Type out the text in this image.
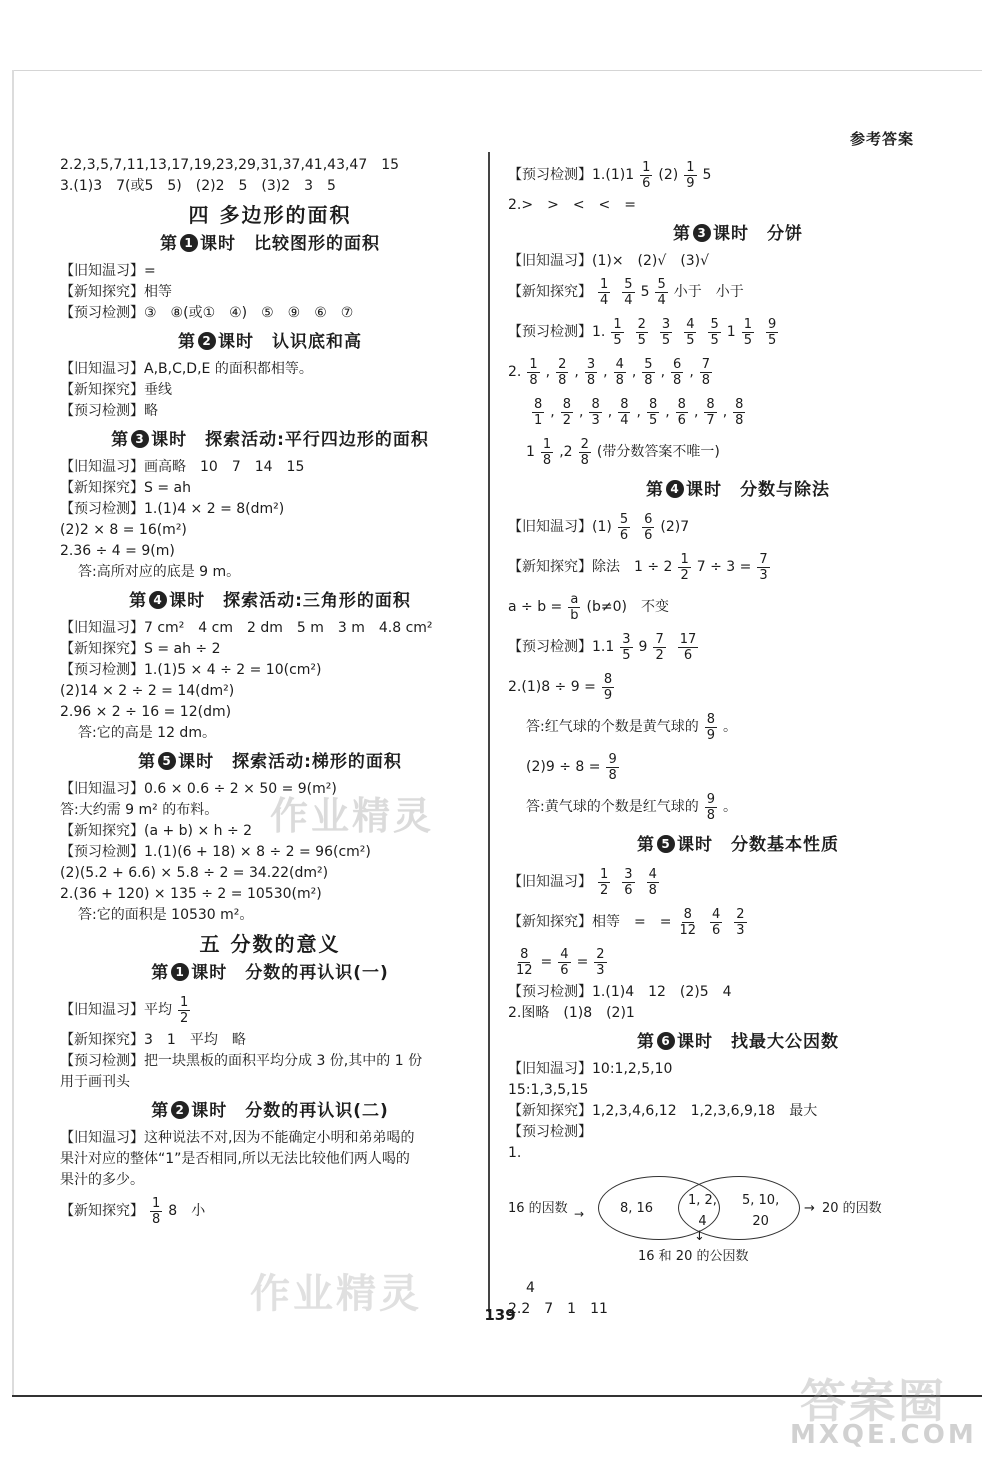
参考答案
2.2,3,5,7,11,13,17,19,23,29,31,37,41,43,47　15
3.(1)3　7(或5　5)　(2)2　5　(3)2　3　5
四 多边形的面积
第 1 课时　比较图形的面积
【旧知温习】=
【新知探究】相等
【预习检测】③　⑧(或①　④)　⑤　⑨　⑥　⑦
第 2 课时　认识底和高
【旧知温习】A,B,C,D,E 的面积都相等。
【新知探究】垂线
【预习检测】略
第 3 课时　探索活动:平行四边形的面积
【旧知温习】画高略　10　7　14　15
【新知探究】S = ah
【预习检测】1.(1)4 × 2 = 8(dm²)
(2)2 × 8 = 16(m²)
2.36 ÷ 4 = 9(m)
答:高所对应的底是 9 m。
第 4 课时　探索活动:三角形的面积
【旧知温习】7 cm²　4 cm　2 dm　5 m　3 m　4.8 cm²
【新知探究】S = ah ÷ 2
【预习检测】1.(1)5 × 4 ÷ 2 = 10(cm²)
(2)14 × 2 ÷ 2 = 14(dm²)
2.96 × 2 ÷ 16 = 12(dm)
答:它的高是 12 dm。
第 5 课时　探索活动:梯形的面积
【旧知温习】0.6 × 0.6 ÷ 2 × 50 = 9(m²)
答:大约需 9 m² 的布料。
【新知探究】(a + b) × h ÷ 2
【预习检测】1.(1)(6 + 18) × 8 ÷ 2 = 96(cm²)
(2)(5.2 + 6.6) × 5.8 ÷ 2 = 34.22(dm²)
2.(36 + 120) × 135 ÷ 2 = 10530(m²)
答:它的面积是 10530 m²。
五 分数的意义
第 1 课时　分数的再认识(一)
【旧知温习】平均 $\frac{1}{2}$
【新知探究】3　1　平均　略
【预习检测】把一块黑板的面积平均分成 3 份,其中的 1 份
用于画刊头
第 2 课时　分数的再认识(二)
【旧知温习】这种说法不对,因为不能确定小明和弟弟喝的
果汁对应的整体“1”是否相同,所以无法比较他们两人喝的
果汁的多少。
【新知探究】 $\frac{1}{8} 8$　小
【预习检测】$1.(1)1 \frac{1}{6} (2) \frac{1}{9} 5$
2.>　>　<　<　=
第 3 课时　分饼
【旧知温习】(1)×　(2)√　(3)√
【新知探究】 $\frac{1}{4} \frac{5}{4} 5 \frac{5}{4}$ 小于　小于
【预习检测】1. $\frac{1}{5} \frac{2}{5} \frac{3}{5} \frac{4}{5} \frac{5}{5} 1 \frac{1}{5} \frac{9}{5}$
2. $\frac{1}{8}$ , $\frac{2}{8}$ , $\frac{3}{8}$ , $\frac{4}{8}$ , $\frac{5}{8}$ , $\frac{6}{8}$ , $\frac{7}{8}$
$\frac{8}{1}$ , $\frac{8}{2}$ , $\frac{8}{3}$ , $\frac{8}{4}$ , $\frac{8}{5}$ , $\frac{8}{6}$ , $\frac{8}{7}$ , $\frac{8}{8}$
$1 \frac{1}{8}$ , $2 \frac{2}{8}$ (带分数答案不唯一)
第 4 课时　分数与除法
【旧知温习】$(1) \frac{5}{6} \frac{6}{6} (2)7$
【新知探究】除法　$1 \div 2 \frac{1}{2} 7 \div 3 = \frac{7}{3}$
$a \div b = \frac{a}{b} (b\ne 0)$　不变
【预习检测】$1.1 \frac{3}{5} 9 \frac{7}{2} \frac{17}{6}$
$2.(1)8 \div 9 = \frac{8}{9}$
答:红气球的个数是黄气球的 $\frac{8}{9}$ 。
$(2)9 \div 8 = \frac{9}{8}$
答:黄气球的个数是红气球的 $\frac{9}{8}$ 。
第 5 课时　分数基本性质
【旧知温习】 $\frac{1}{2} \frac{3}{6} \frac{4}{8}$
【新知探究】相等　=　= $\frac{8}{12} \frac{4}{6} \frac{2}{3}$
$\frac{8}{12} = \frac{4}{6} = \frac{2}{3}$
【预习检测】1.(1)4　12　(2)5　4
2.图略　(1)8　(2)1
第 6 课时　找最大公因数
【旧知温习】10:1,2,5,10
15:1,3,5,15
【新知探究】1,2,3,4,6,12　1,2,3,6,9,18　最大
【预习检测】
1.
16 的因数 →	8, 16
1, 2,
4
5, 10,
20
→ 20 的因数
↓
16 和 20 的公因数
4
2.2　7　1　11
139
作业精灵
作业精灵
答案圈
MXQE.COM
